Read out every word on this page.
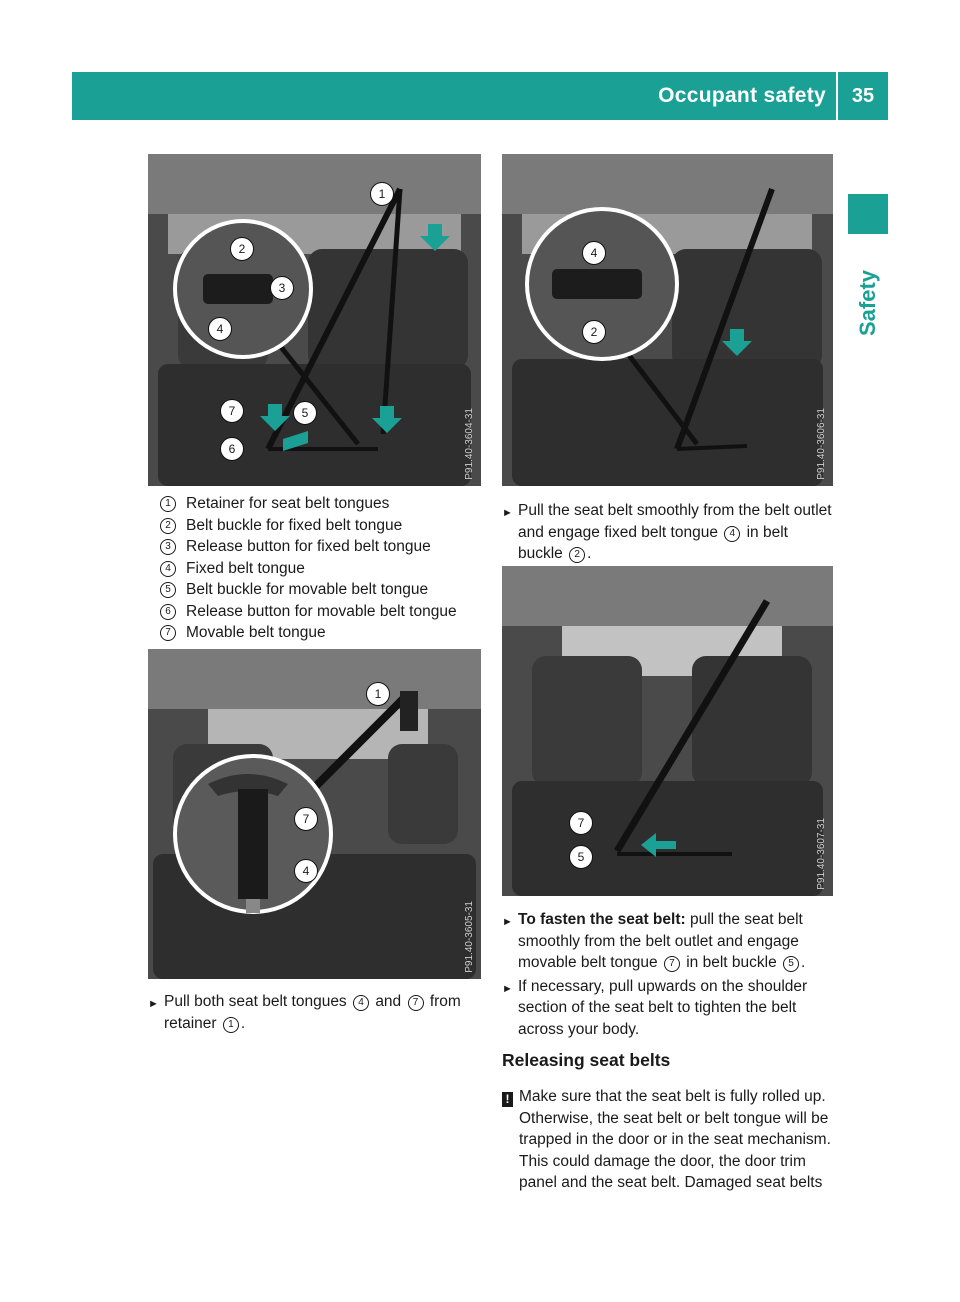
Occupant safety	35
Safety
1
2
3
4
7	5
6	P91.40-3604-31
1 Retainer for seat belt tongues
2 Belt buckle for fixed belt tongue
3 Release button for fixed belt tongue
4 Fixed belt tongue
5 Belt buckle for movable belt tongue
6 Release button for movable belt tongue
7 Movable belt tongue
1
7
4
P91.40-3605-31
► Pull both seat belt tongues 4 and 7 from
retainer 1 .
4
2
P91.40-3606-31
► Pull the seat belt smoothly from the belt outlet
and engage fixed belt tongue 4 in belt
buckle 2 .
7
5	P91.40-3607-31
► To fasten the seat belt: pull the seat belt
smoothly from the belt outlet and engage
movable belt tongue 7 in belt buckle 5 .
► If necessary, pull upwards on the shoulder
section of the seat belt to tighten the belt
across your body.
Releasing seat belts
! Make sure that the seat belt is fully rolled up.
Otherwise, the seat belt or belt tongue will be
trapped in the door or in the seat mechanism.
This could damage the door, the door trim
panel and the seat belt. Damaged seat belts
